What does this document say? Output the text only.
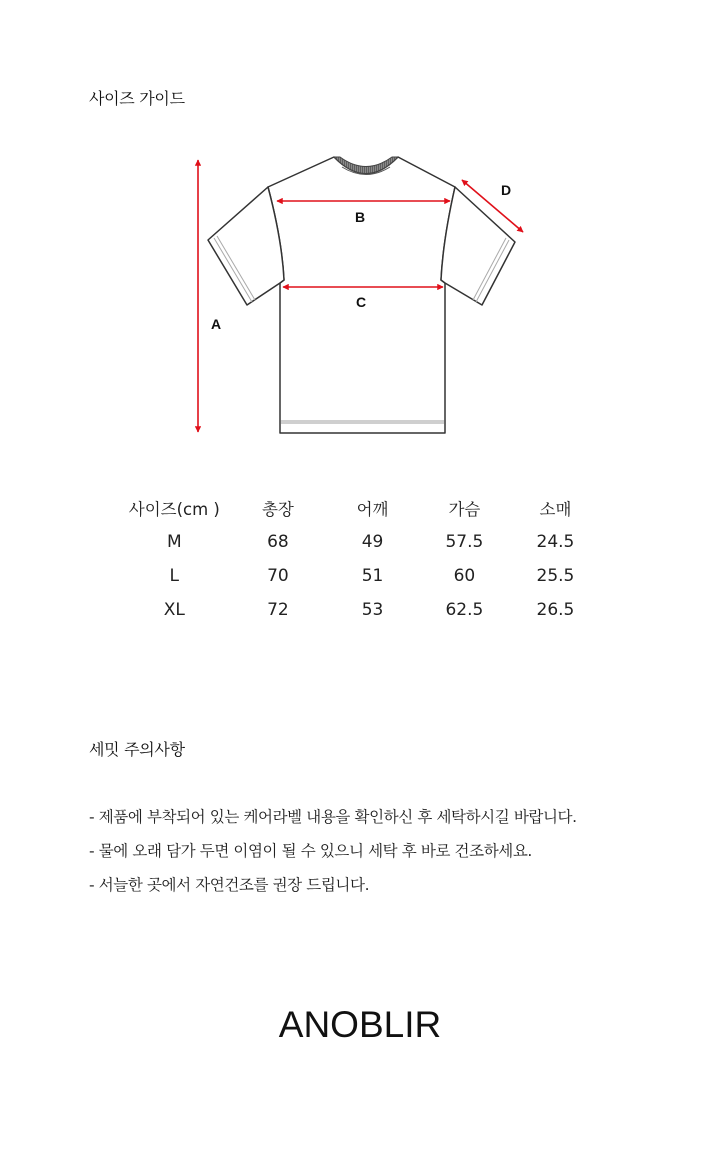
사이즈 가이드
A
B
C
D
사이즈(cm )	총장	어깨	가슴	소매
M	68	49	57.5	24.5
L	70	51	60	25.5
XL	72	53	62.5	26.5
세밋 주의사항
- 제품에 부착되어 있는 케어라벨 내용을 확인하신 후 세탁하시길 바랍니다.
- 물에 오래 담가 두면 이염이 될 수 있으니 세탁 후 바로 건조하세요.
- 서늘한 곳에서 자연건조를 권장 드립니다.
ANOBLIR
